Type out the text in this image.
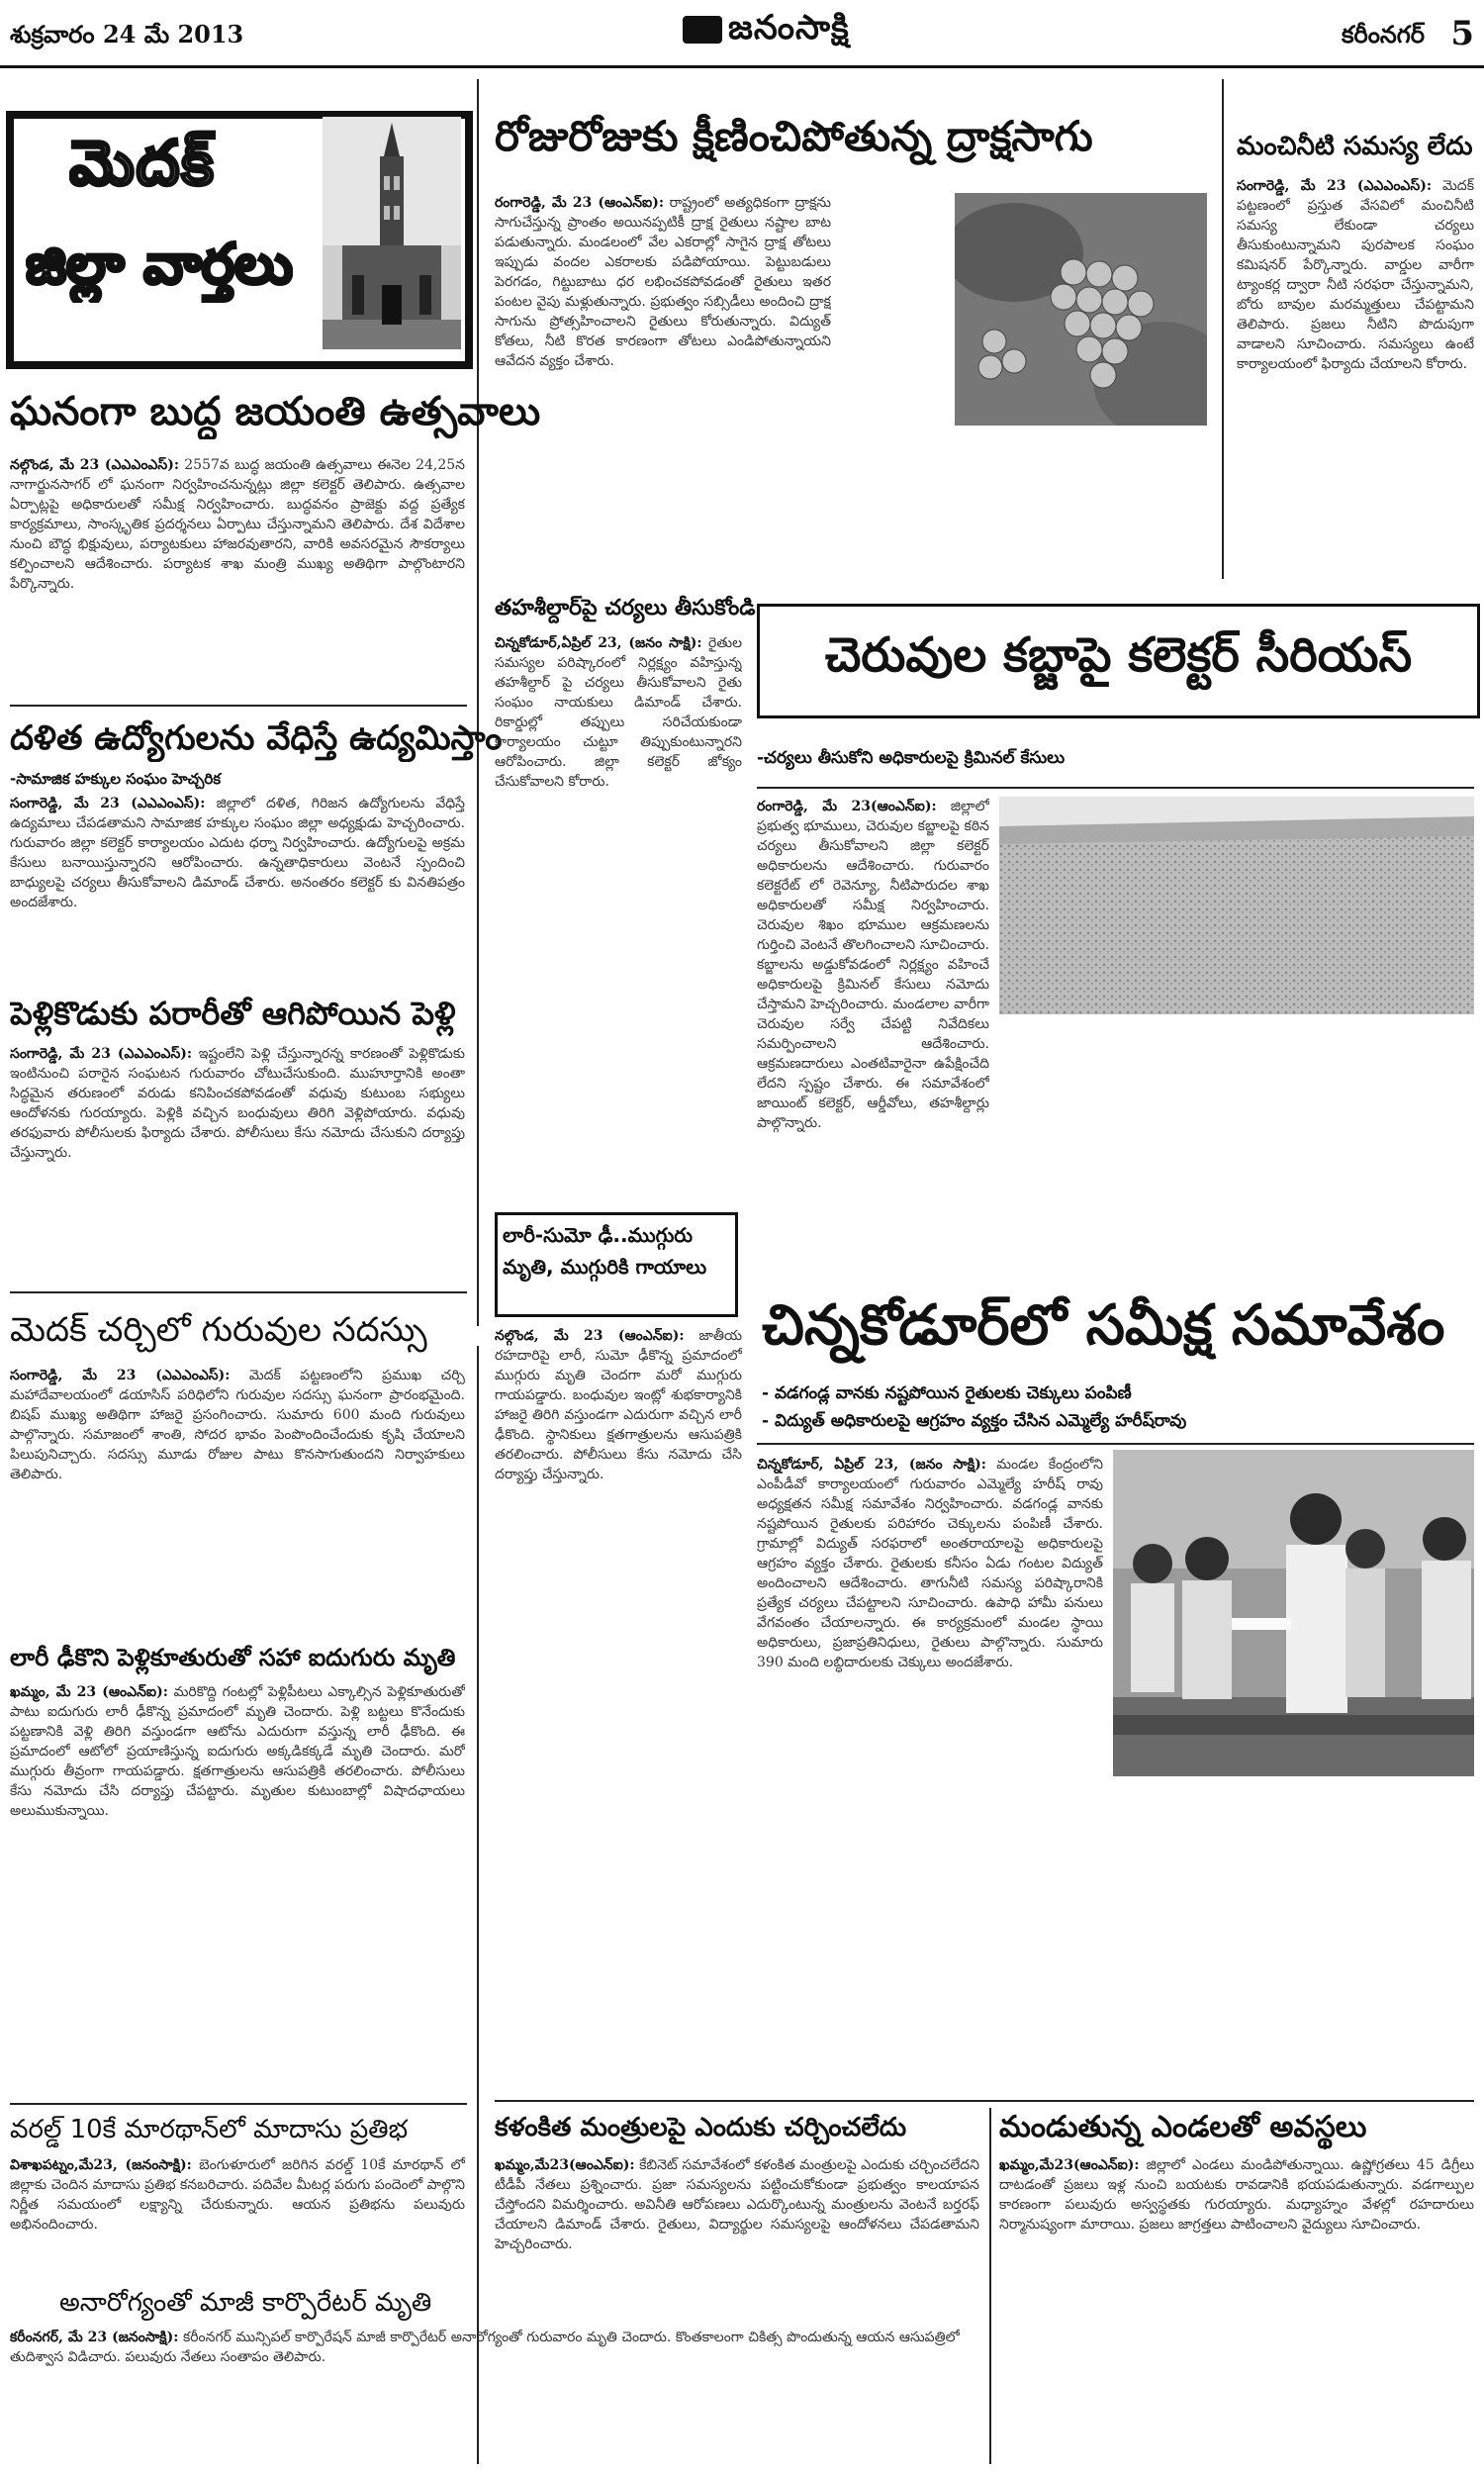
శుక్రవారం 24 మే 2013	జనంసాక్షి	కరీంనగర్ 5
మెదక్
జిల్లా వార్తలు
రోజురోజుకు క్షీణించిపోతున్న ద్రాక్షసాగు

రంగారెడ్డి, మే 23 (ఆంఎన్ఐ): రాష్ట్రంలో అత్యధికంగా ద్రాక్షను సాగుచేస్తున్న ప్రాంతం అయినప్పటికీ ద్రాక్ష రైతులు నష్టాల బాట పడుతున్నారు. మండలంలో వేల ఎకరాల్లో సాగైన ద్రాక్ష తోటలు ఇప్పుడు వందల ఎకరాలకు పడిపోయాయి. పెట్టుబడులు పెరగడం, గిట్టుబాటు ధర లభించకపోవడంతో రైతులు ఇతర పంటల వైపు మళ్లుతున్నారు. ప్రభుత్వం సబ్సిడీలు అందించి ద్రాక్ష సాగును ప్రోత్సహించాలని రైతులు కోరుతున్నారు. విద్యుత్ కోతలు, నీటి కొరత కారణంగా తోటలు ఎండిపోతున్నాయని ఆవేదన వ్యక్తం చేశారు.

మంచినీటి సమస్య లేదు

సంగారెడ్డి, మే 23 (ఎఎఎంఎస్): మెదక్ పట్టణంలో ప్రస్తుత వేసవిలో మంచినీటి సమస్య లేకుండా చర్యలు తీసుకుంటున్నామని పురపాలక సంఘం కమిషనర్ పేర్కొన్నారు. వార్డుల వారీగా ట్యాంకర్ల ద్వారా నీటి సరఫరా చేస్తున్నామని, బోరు బావుల మరమ్మత్తులు చేపట్టామని తెలిపారు. ప్రజలు నీటిని పొదుపుగా వాడాలని సూచించారు. సమస్యలు ఉంటే కార్యాలయంలో ఫిర్యాదు చేయాలని కోరారు.

ఘనంగా బుద్ధ జయంతి ఉత్సవాలు

నల్గొండ, మే 23 (ఎఎఎంఎస్): 2557వ బుద్ధ జయంతి ఉత్సవాలు ఈనెల 24,25న నాగార్జునసాగర్ లో ఘనంగా నిర్వహించనున్నట్లు జిల్లా కలెక్టర్ తెలిపారు. ఉత్సవాల ఏర్పాట్లపై అధికారులతో సమీక్ష నిర్వహించారు. బుద్ధవనం ప్రాజెక్టు వద్ద ప్రత్యేక కార్యక్రమాలు, సాంస్కృతిక ప్రదర్శనలు ఏర్పాటు చేస్తున్నామని తెలిపారు. దేశ విదేశాల నుంచి బౌద్ధ భిక్షువులు, పర్యాటకులు హాజరవుతారని, వారికి అవసరమైన సౌకర్యాలు కల్పించాలని ఆదేశించారు. పర్యాటక శాఖ మంత్రి ముఖ్య అతిథిగా పాల్గొంటారని పేర్కొన్నారు.

దళిత ఉద్యోగులను వేధిస్తే ఉద్యమిస్తాం
-సామాజిక హక్కుల సంఘం హెచ్చరిక

సంగారెడ్డి, మే 23 (ఎఎఎంఎస్): జిల్లాలో దళిత, గిరిజన ఉద్యోగులను వేధిస్తే ఉద్యమాలు చేపడతామని సామాజిక హక్కుల సంఘం జిల్లా అధ్యక్షుడు హెచ్చరించారు. గురువారం జిల్లా కలెక్టర్ కార్యాలయం ఎదుట ధర్నా నిర్వహించారు. ఉద్యోగులపై అక్రమ కేసులు బనాయిస్తున్నారని ఆరోపించారు. ఉన్నతాధికారులు వెంటనే స్పందించి బాధ్యులపై చర్యలు తీసుకోవాలని డిమాండ్ చేశారు. అనంతరం కలెక్టర్ కు వినతిపత్రం అందజేశారు.

పెళ్లికొడుకు పరారీతో ఆగిపోయిన పెళ్లి

సంగారెడ్డి, మే 23 (ఎఎఎంఎస్): ఇష్టంలేని పెళ్లి చేస్తున్నారన్న కారణంతో పెళ్లికొడుకు ఇంటినుంచి పరారైన సంఘటన గురువారం చోటుచేసుకుంది. ముహూర్తానికి అంతా సిద్ధమైన తరుణంలో వరుడు కనిపించకపోవడంతో వధువు కుటుంబ సభ్యులు ఆందోళనకు గురయ్యారు. పెళ్లికి వచ్చిన బంధువులు తిరిగి వెళ్లిపోయారు. వధువు తరఫువారు పోలీసులకు ఫిర్యాదు చేశారు. పోలీసులు కేసు నమోదు చేసుకుని దర్యాప్తు చేస్తున్నారు.

మెదక్ చర్చిలో గురువుల సదస్సు

సంగారెడ్డి, మే 23 (ఎఎఎంఎస్): మెదక్ పట్టణంలోని ప్రముఖ చర్చి మహాదేవాలయంలో డయాసిస్ పరిధిలోని గురువుల సదస్సు ఘనంగా ప్రారంభమైంది. బిషప్ ముఖ్య అతిథిగా హాజరై ప్రసంగించారు. సుమారు 600 మంది గురువులు పాల్గొన్నారు. సమాజంలో శాంతి, సోదర భావం పెంపొందించేందుకు కృషి చేయాలని పిలుపునిచ్చారు. సదస్సు మూడు రోజుల పాటు కొనసాగుతుందని నిర్వాహకులు తెలిపారు.

లారీ ఢీకొని పెళ్లికూతురుతో సహా ఐదుగురు మృతి

ఖమ్మం, మే 23 (ఆంఎన్ఐ): మరికొద్ది గంటల్లో పెళ్లిపీటలు ఎక్కాల్సిన పెళ్లికూతురుతో పాటు ఐదుగురు లారీ ఢీకొన్న ప్రమాదంలో మృతి చెందారు. పెళ్లి బట్టలు కొనేందుకు పట్టణానికి వెళ్లి తిరిగి వస్తుండగా ఆటోను ఎదురుగా వస్తున్న లారీ ఢీకొంది. ఈ ప్రమాదంలో ఆటోలో ప్రయాణిస్తున్న ఐదుగురు అక్కడికక్కడే మృతి చెందారు. మరో ముగ్గురు తీవ్రంగా గాయపడ్డారు. క్షతగాత్రులను ఆసుపత్రికి తరలించారు. పోలీసులు కేసు నమోదు చేసి దర్యాప్తు చేపట్టారు. మృతుల కుటుంబాల్లో విషాదఛాయలు అలుముకున్నాయి.

వరల్డ్ 10కే మారథాన్‌లో మాదాసు ప్రతిభ

విశాఖపట్నం,మే23, (జనంసాక్షి): బెంగుళూరులో జరిగిన వరల్డ్ 10కే మారథాన్ లో జిల్లాకు చెందిన మాదాసు ప్రతిభ కనబరిచారు. పదివేల మీటర్ల పరుగు పందెంలో పాల్గొని నిర్ణీత సమయంలో లక్ష్యాన్ని చేరుకున్నారు. ఆయన ప్రతిభను పలువురు అభినందించారు.

అనారోగ్యంతో మాజీ కార్పొరేటర్ మృతి

కరీంనగర్, మే 23 (జనంసాక్షి): కరీంనగర్ మున్సిపల్ కార్పొరేషన్ మాజీ కార్పొరేటర్ అనారోగ్యంతో గురువారం మృతి చెందారు. కొంతకాలంగా చికిత్స పొందుతున్న ఆయన ఆసుపత్రిలో తుదిశ్వాస విడిచారు. పలువురు నేతలు సంతాపం తెలిపారు.

తహశీల్దార్‌పై చర్యలు తీసుకోండి

చిన్నకోడూర్,ఏప్రిల్ 23, (జనం సాక్షి): రైతుల సమస్యల పరిష్కారంలో నిర్లక్ష్యం వహిస్తున్న తహశీల్దార్ పై చర్యలు తీసుకోవాలని రైతు సంఘం నాయకులు డిమాండ్ చేశారు. రికార్డుల్లో తప్పులు సరిచేయకుండా కార్యాలయం చుట్టూ తిప్పుకుంటున్నారని ఆరోపించారు. జిల్లా కలెక్టర్ జోక్యం చేసుకోవాలని కోరారు.

చెరువుల కబ్జాపై కలెక్టర్ సీరియస్
-చర్యలు తీసుకోని అధికారులపై క్రిమినల్ కేసులు

రంగారెడ్డి, మే 23(ఆంఎన్ఐ): జిల్లాలో ప్రభుత్వ భూములు, చెరువుల కబ్జాలపై కఠిన చర్యలు తీసుకోవాలని జిల్లా కలెక్టర్ అధికారులను ఆదేశించారు. గురువారం కలెక్టరేట్ లో రెవెన్యూ, నీటిపారుదల శాఖ అధికారులతో సమీక్ష నిర్వహించారు. చెరువుల శిఖం భూముల ఆక్రమణలను గుర్తించి వెంటనే తొలగించాలని సూచించారు. కబ్జాలను అడ్డుకోవడంలో నిర్లక్ష్యం వహించే అధికారులపై క్రిమినల్ కేసులు నమోదు చేస్తామని హెచ్చరించారు. మండలాల వారీగా చెరువుల సర్వే చేపట్టి నివేదికలు సమర్పించాలని ఆదేశించారు. ఆక్రమణదారులు ఎంతటివారైనా ఉపేక్షించేది లేదని స్పష్టం చేశారు. ఈ సమావేశంలో జాయింట్ కలెక్టర్, ఆర్డీవోలు, తహశీల్దార్లు పాల్గొన్నారు.

లారీ-సుమో ఢీ..ముగ్గురు మృతి, ముగ్గురికి గాయాలు

నల్గొండ, మే 23 (ఆంఎన్ఐ): జాతీయ రహదారిపై లారీ, సుమో ఢీకొన్న ప్రమాదంలో ముగ్గురు మృతి చెందగా మరో ముగ్గురు గాయపడ్డారు. బంధువుల ఇంట్లో శుభకార్యానికి హాజరై తిరిగి వస్తుండగా ఎదురుగా వచ్చిన లారీ ఢీకొంది. స్థానికులు క్షతగాత్రులను ఆసుపత్రికి తరలించారు. పోలీసులు కేసు నమోదు చేసి దర్యాప్తు చేస్తున్నారు.

చిన్నకోడూర్‌లో సమీక్ష సమావేశం
- వడగండ్ల వానకు నష్టపోయిన రైతులకు చెక్కులు పంపిణీ
- విద్యుత్ అధికారులపై ఆగ్రహం వ్యక్తం చేసిన ఎమ్మెల్యే హరీష్‌రావు

చిన్నకోడూర్, ఏప్రిల్ 23, (జనం సాక్షి): మండల కేంద్రంలోని ఎంపీడీవో కార్యాలయంలో గురువారం ఎమ్మెల్యే హరీష్ రావు అధ్యక్షతన సమీక్ష సమావేశం నిర్వహించారు. వడగండ్ల వానకు నష్టపోయిన రైతులకు పరిహారం చెక్కులను పంపిణీ చేశారు. గ్రామాల్లో విద్యుత్ సరఫరాలో అంతరాయాలపై అధికారులపై ఆగ్రహం వ్యక్తం చేశారు. రైతులకు కనీసం ఏడు గంటల విద్యుత్ అందించాలని ఆదేశించారు. తాగునీటి సమస్య పరిష్కారానికి ప్రత్యేక చర్యలు చేపట్టాలని సూచించారు. ఉపాధి హామీ పనులు వేగవంతం చేయాలన్నారు. ఈ కార్యక్రమంలో మండల స్థాయి అధికారులు, ప్రజాప్రతినిధులు, రైతులు పాల్గొన్నారు. సుమారు 390 మంది లబ్ధిదారులకు చెక్కులు అందజేశారు.

కళంకిత మంత్రులపై ఎందుకు చర్చించలేదు

ఖమ్మం,మే23(ఆంఎన్ఐ): కేబినెట్ సమావేశంలో కళంకిత మంత్రులపై ఎందుకు చర్చించలేదని టీడీపీ నేతలు ప్రశ్నించారు. ప్రజా సమస్యలను పట్టించుకోకుండా ప్రభుత్వం కాలయాపన చేస్తోందని విమర్శించారు. అవినీతి ఆరోపణలు ఎదుర్కొంటున్న మంత్రులను వెంటనే బర్తరఫ్ చేయాలని డిమాండ్ చేశారు. రైతులు, విద్యార్థుల సమస్యలపై ఆందోళనలు చేపడతామని హెచ్చరించారు.

మండుతున్న ఎండలతో అవస్థలు

ఖమ్మం,మే23(ఆంఎన్ఐ): జిల్లాలో ఎండలు మండిపోతున్నాయి. ఉష్ణోగ్రతలు 45 డిగ్రీలు దాటడంతో ప్రజలు ఇళ్ల నుంచి బయటకు రావడానికి భయపడుతున్నారు. వడగాల్పుల కారణంగా పలువురు అస్వస్థతకు గురయ్యారు. మధ్యాహ్నం వేళల్లో రహదారులు నిర్మానుష్యంగా మారాయి. ప్రజలు జాగ్రత్తలు పాటించాలని వైద్యులు సూచించారు.
